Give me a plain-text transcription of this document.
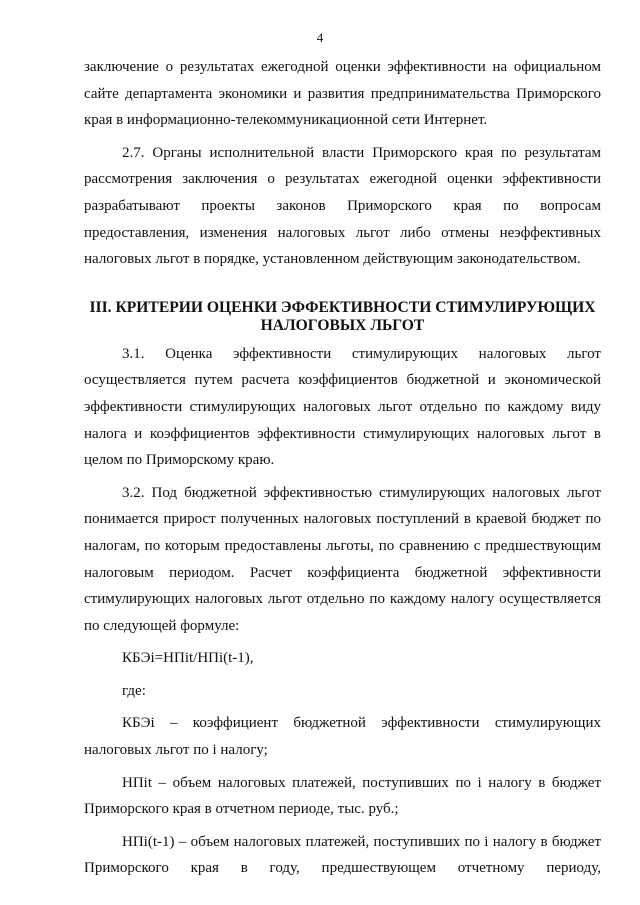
4

заключение о результатах ежегодной оценки эффективности на официальном сайте департамента экономики и развития предпринимательства Приморского края в информационно-телекоммуникационной сети Интернет.

2.7. Органы исполнительной власти Приморского края по результатам рассмотрения заключения о результатах ежегодной оценки эффективности разрабатывают проекты законов Приморского края по вопросам предоставления, изменения налоговых льгот либо отмены неэффективных налоговых льгот в порядке, установленном действующим законодательством.

III. КРИТЕРИИ ОЦЕНКИ ЭФФЕКТИВНОСТИ СТИМУЛИРУЮЩИХ
НАЛОГОВЫХ ЛЬГОТ

3.1. Оценка эффективности стимулирующих налоговых льгот осуществляется путем расчета коэффициентов бюджетной и экономической эффективности стимулирующих налоговых льгот отдельно по каждому виду налога и коэффициентов эффективности стимулирующих налоговых льгот в целом по Приморскому краю.

3.2. Под бюджетной эффективностью стимулирующих налоговых льгот понимается прирост полученных налоговых поступлений в краевой бюджет по налогам, по которым предоставлены льготы, по сравнению с предшествующим налоговым периодом. Расчет коэффициента бюджетной эффективности стимулирующих налоговых льгот отдельно по каждому налогу осуществляется по следующей формуле:

КБЭi=НПit/НПi(t-1),

где:

КБЭi – коэффициент бюджетной эффективности стимулирующих налоговых льгот по i налогу;

НПit – объем налоговых платежей, поступивших по i налогу в бюджет Приморского края в отчетном периоде, тыс. руб.;

НПi(t-1) – объем налоговых платежей, поступивших по i налогу в бюджет Приморского края в году, предшествующем отчетному периоду,
